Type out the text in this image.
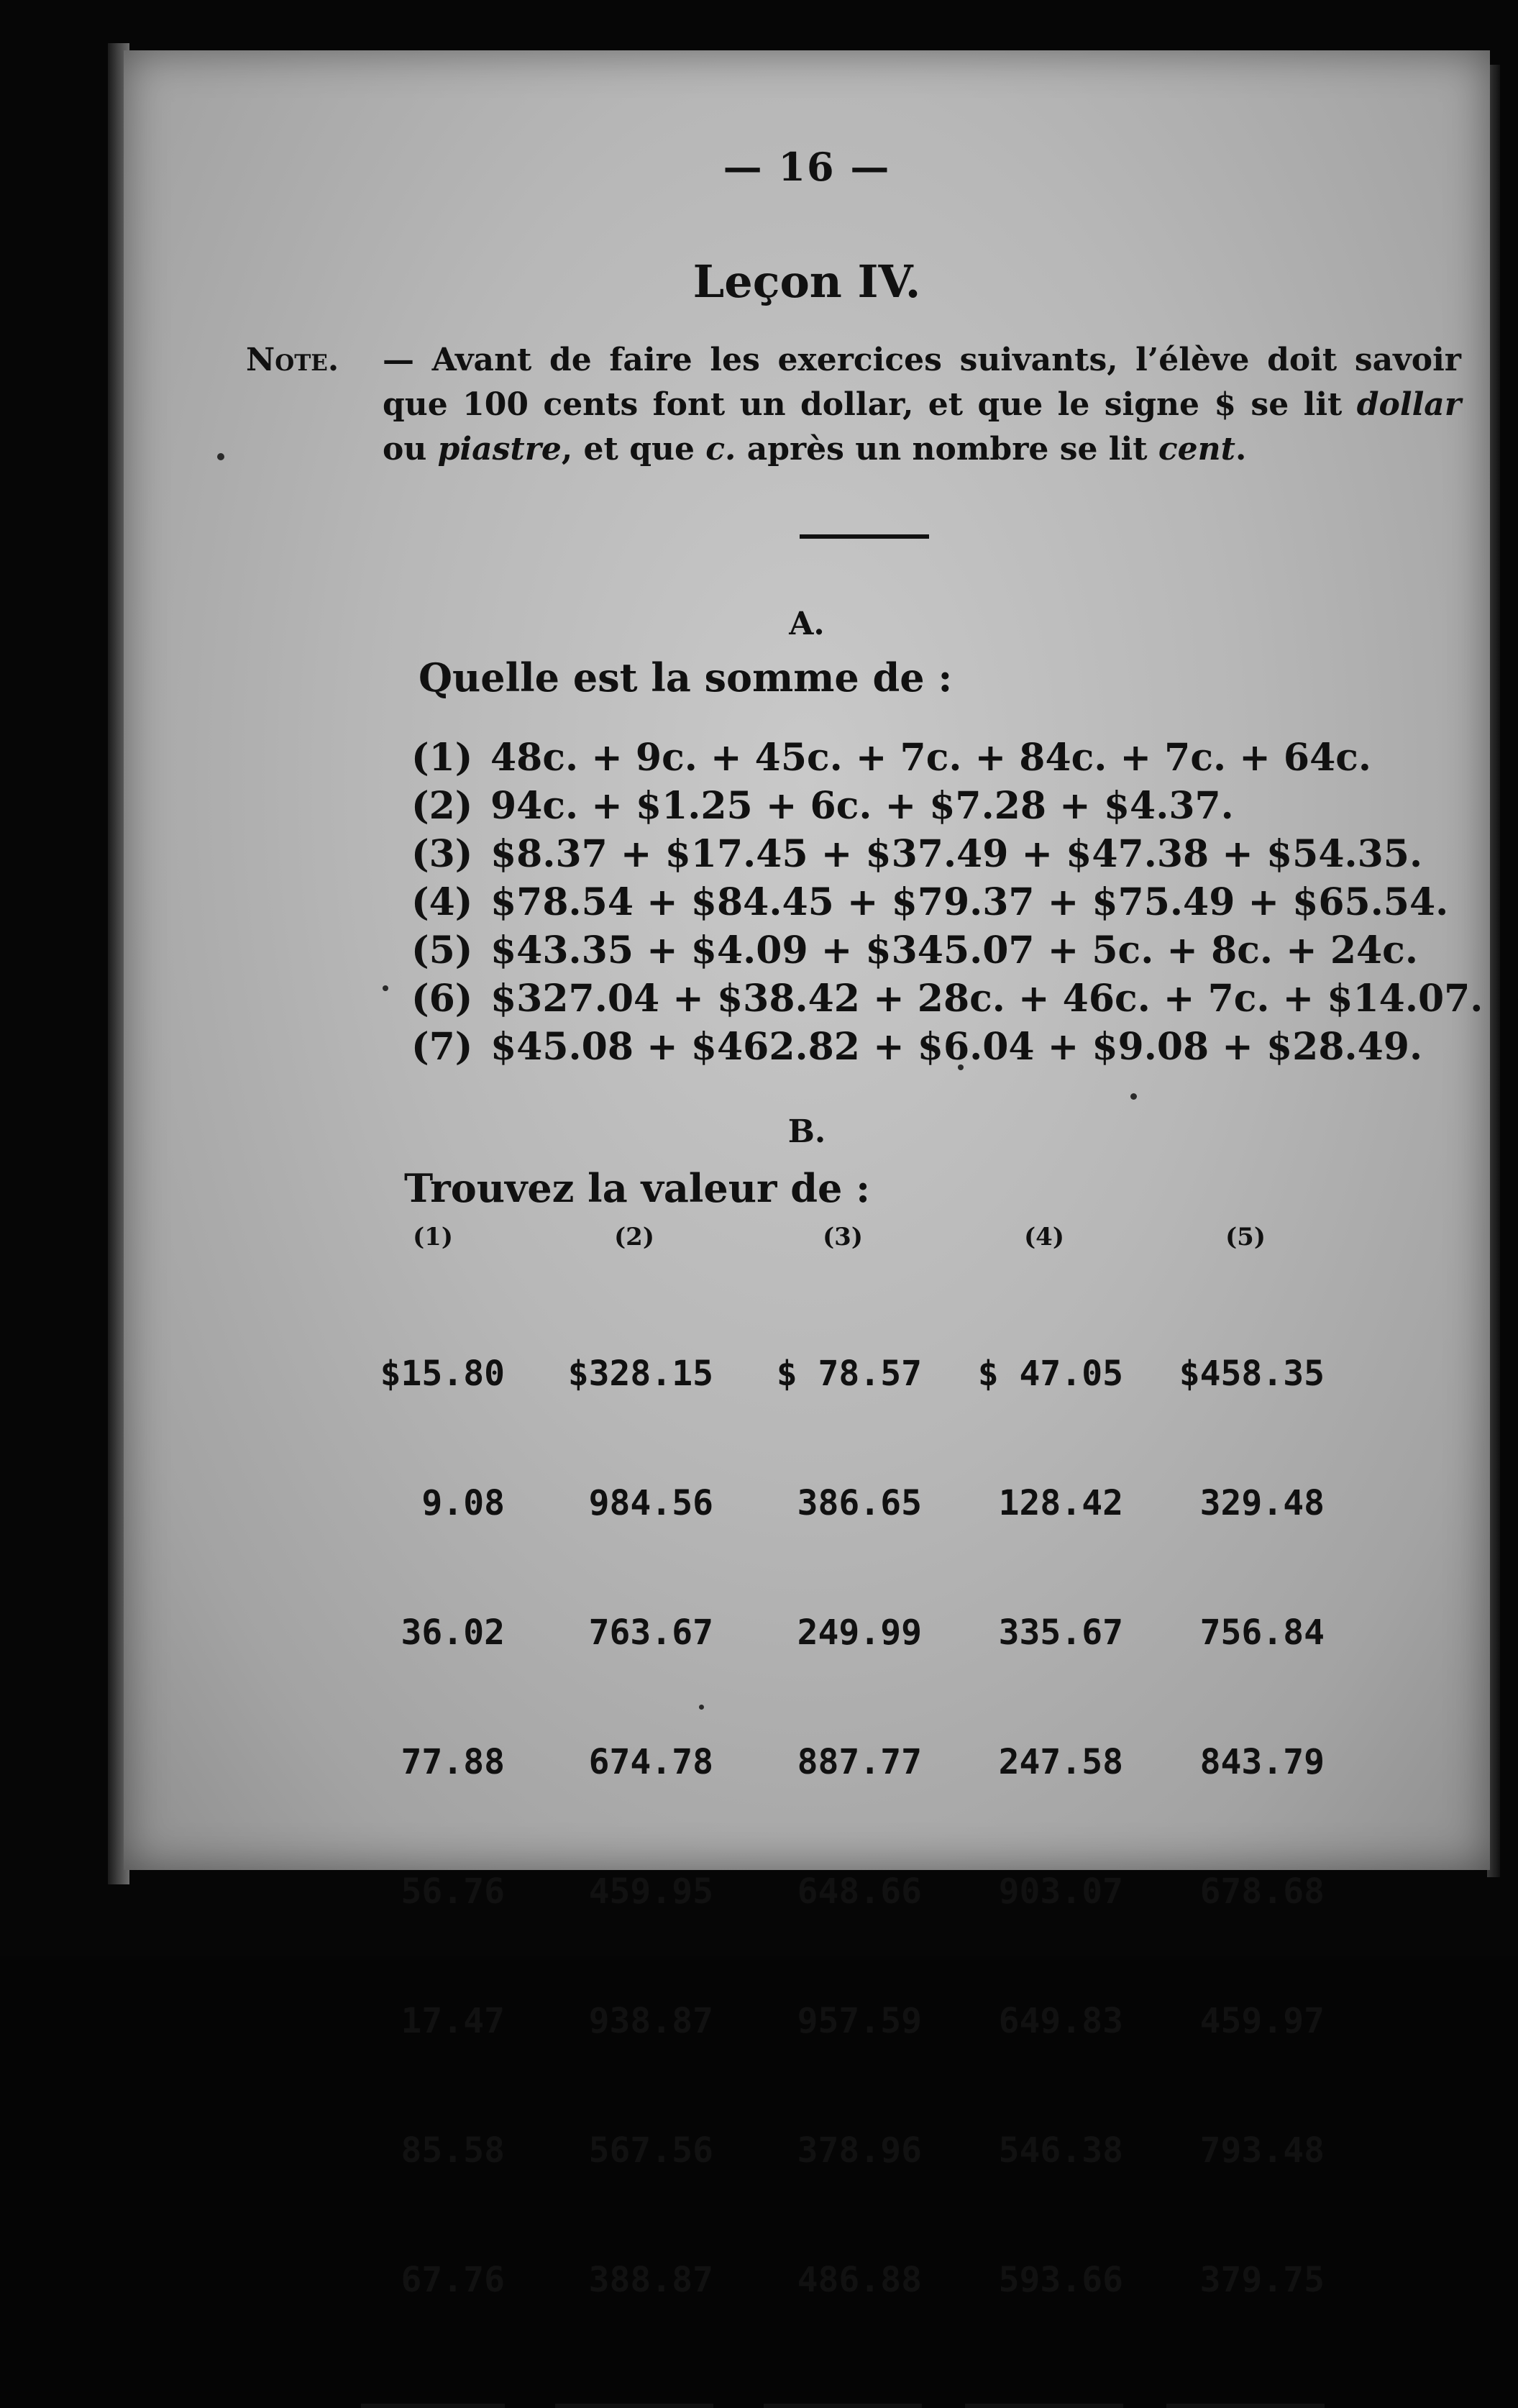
— 16 —
Leçon IV.
Note. — Avant de faire les exercices suivants, l’élève doit savoir que 100 cents font un dollar, et que le signe $ se lit dollar ou piastre, et que c. après un nombre se lit cent.
A.
Quelle est la somme de :
(1) 48c. + 9c. + 45c. + 7c. + 84c. + 7c. + 64c.
(2) 94c. + $1.25 + 6c. + $7.28 + $4.37.
(3) $8.37 + $17.45 + $37.49 + $47.38 + $54.35.
(4) $78.54 + $84.45 + $79.37 + $75.49 + $65.54.
(5) $43.35 + $4.09 + $345.07 + 5c. + 8c. + 24c.
(6) $327.04 + $38.42 + 28c. + 46c. + 7c. + $14.07.
(7) $45.08 + $462.82 + $6.04 + $9.08 + $28.49.
B.
Trouvez la valeur de :
(1)

$15.80

9.08

36.02

77.88

56.76

17.47

85.58

67.76

(2)

$328.15

984.56

763.67

674.78

459.95

938.87

567.56

388.87

(3)

$ 78.57

386.65

249.99

887.77

648.66

957.59

378.96

486.88

(4)

$ 47.05

128.42

335.67

247.58

903.07

649.83

546.38

593.66

(5)

$458.35

329.48

756.84

843.79

678.68

459.97

793.48

379.75
